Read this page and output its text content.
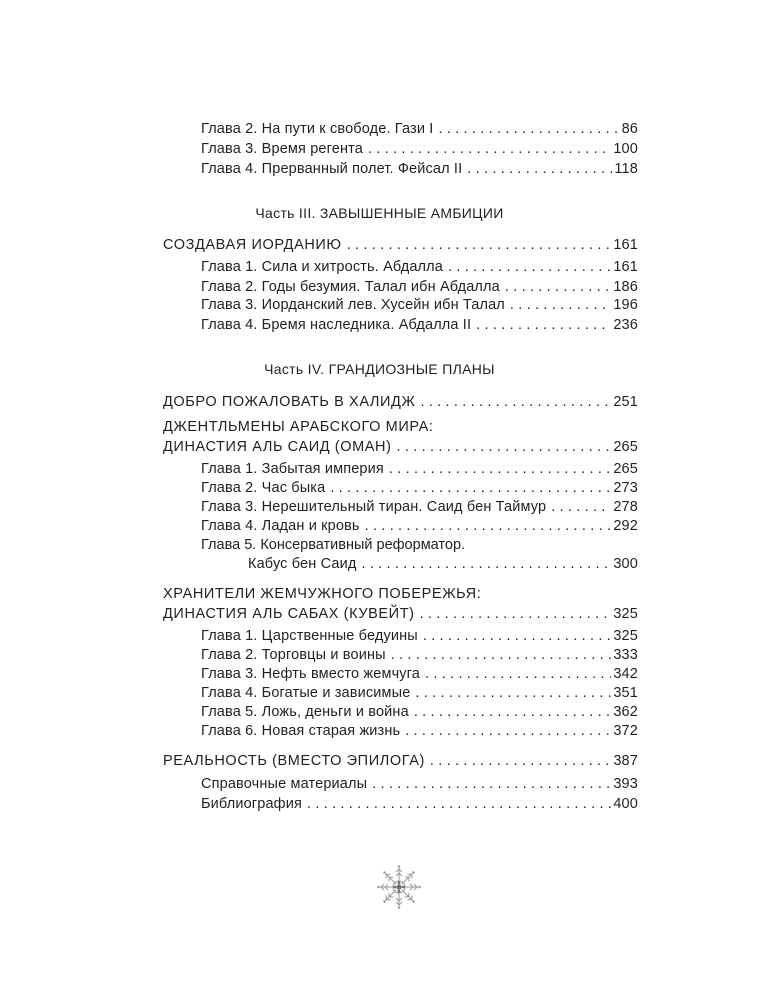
Глава 2. На пути к свободе. Гази I . . .	86
Глава 3. Время регента . . .	100
Глава 4. Прерванный полет. Фейсал II . . .	118
Часть III. ЗАВЫШЕННЫЕ АМБИЦИИ
СОЗДАВАЯ ИОРДАНИЮ . . .	161
Глава 1. Сила и хитрость. Абдалла . . .	161
Глава 2. Годы безумия. Талал ибн Абдалла . . .	186
Глава 3. Иорданский лев. Хусейн ибн Талал . . .	196
Глава 4. Бремя наследника. Абдалла II . . .	236
Часть IV. ГРАНДИОЗНЫЕ ПЛАНЫ
ДОБРО ПОЖАЛОВАТЬ В ХАЛИДЖ . . .	251
ДЖЕНТЛЬМЕНЫ АРАБСКОГО МИРА:
ДИНАСТИЯ АЛЬ САИД (ОМАН) . . .	265
Глава 1. Забытая империя . . .	265
Глава 2. Час быка . . .	273
Глава 3. Нерешительный тиран. Саид бен Таймур . . .	278
Глава 4. Ладан и кровь . . .	292
Глава 5. Консервативный реформатор.
Кабус бен Саид . . .	300
ХРАНИТЕЛИ ЖЕМЧУЖНОГО ПОБЕРЕЖЬЯ:
ДИНАСТИЯ АЛЬ САБАХ (КУВЕЙТ) . . .	325
Глава 1. Царственные бедуины . . .	325
Глава 2. Торговцы и воины . . .	333
Глава 3. Нефть вместо жемчуга . . .	342
Глава 4. Богатые и зависимые . . .	351
Глава 5. Ложь, деньги и война . . .	362
Глава 6. Новая старая жизнь . . .	372
РЕАЛЬНОСТЬ (ВМЕСТО ЭПИЛОГА) . . .	387
Справочные материалы . . .	393
Библиография . . .	400
